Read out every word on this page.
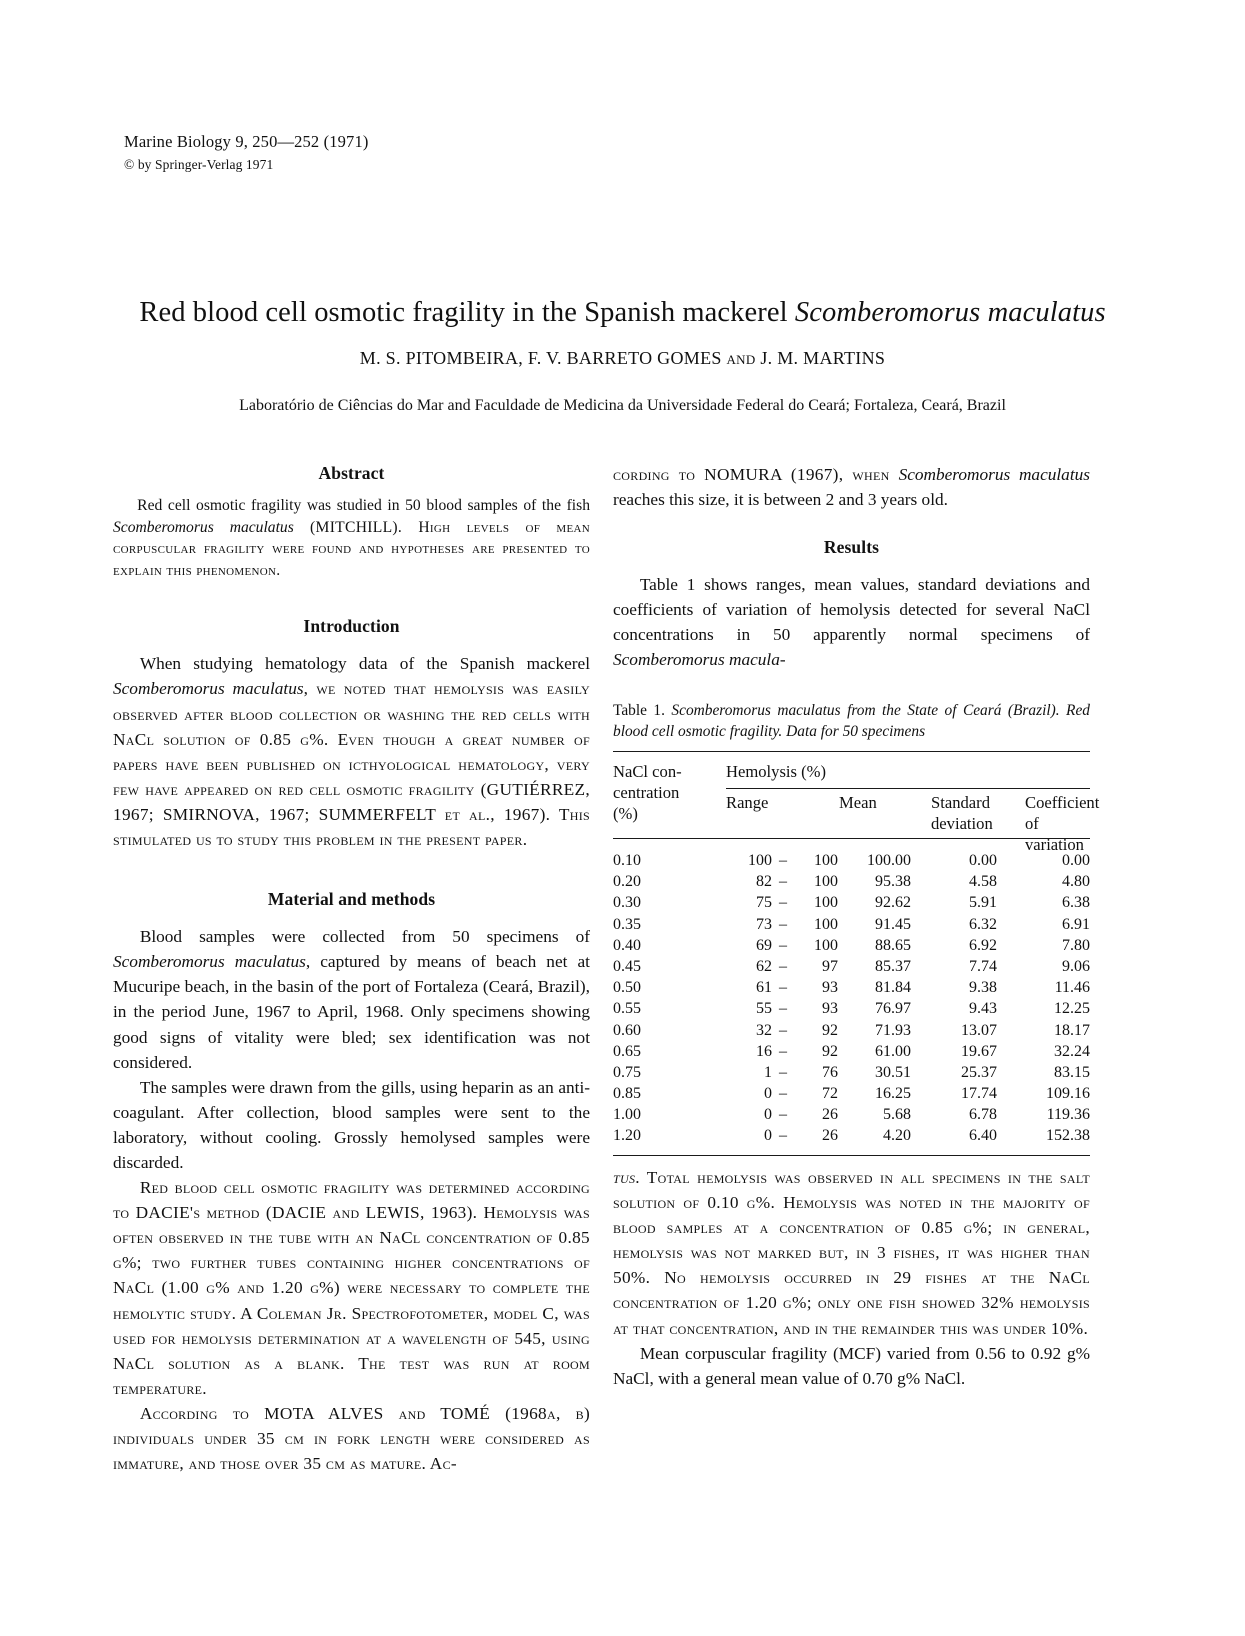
Marine Biology 9, 250—252 (1971)
© by Springer-Verlag 1971
Red blood cell osmotic fragility in the Spanish mackerel Scomberomorus maculatus
M. S. PITOMBEIRA, F. V. BARRETO GOMES and J. M. MARTINS
Laboratório de Ciências do Mar and Faculdade de Medicina da Universidade Federal do Ceará; Fortaleza, Ceará, Brazil
Abstract

Red cell osmotic fragility was studied in 50 blood samples of the fish Scomberomorus maculatus (MITCHILL). High levels of mean corpuscular fragility were found and hypotheses are presented to explain this phenomenon.

Introduction

When studying hematology data of the Spanish mackerel Scomberomorus maculatus, we noted that hemolysis was easily observed after blood collection or washing the red cells with NaCl solution of 0.85 g%. Even though a great number of papers have been published on icthyological hematology, very few have appeared on red cell osmotic fragility (GUTIÉRREZ, 1967; SMIRNOVA, 1967; SUMMERFELT et al., 1967). This stimulated us to study this problem in the present paper.

Material and methods

Blood samples were collected from 50 specimens of Scomberomorus maculatus, captured by means of beach net at Mucuripe beach, in the basin of the port of Fortaleza (Ceará, Brazil), in the period June, 1967 to April, 1968. Only specimens showing good signs of vitality were bled; sex identification was not considered.

The samples were drawn from the gills, using heparin as an anti-coagulant. After collection, blood samples were sent to the laboratory, without cooling. Grossly hemolysed samples were discarded.

Red blood cell osmotic fragility was determined according to DACIE's method (DACIE and LEWIS, 1963). Hemolysis was often observed in the tube with an NaCl concentration of 0.85 g%; two further tubes containing higher concentrations of NaCl (1.00 g% and 1.20 g%) were necessary to complete the hemolytic study. A Coleman Jr. Spectrofotometer, model C, was used for hemolysis determination at a wavelength of 545, using NaCl solution as a blank. The test was run at room temperature.

According to MOTA ALVES and TOMÉ (1968a, b) individuals under 35 cm in fork length were considered as immature, and those over 35 cm as mature. Ac-

cording to NOMURA (1967), when Scomberomorus maculatus reaches this size, it is between 2 and 3 years old.

Results

Table 1 shows ranges, mean values, standard deviations and coefficients of variation of hemolysis detected for several NaCl concentrations in 50 apparently normal specimens of Scomberomorus macula-

Table 1. Scomberomorus maculatus from the State of Ceará (Brazil). Red blood cell osmotic fragility. Data for 50 specimens
NaCl con-
centration
(%)
Hemolysis (%)
Range	Mean	Standard
deviation
Coefficient
of variation
0.10	100 –	100	100.00	0.00	0.00
0.20	82 –	100	95.38	4.58	4.80
0.30	75 –	100	92.62	5.91	6.38
0.35	73 –	100	91.45	6.32	6.91
0.40	69 –	100	88.65	6.92	7.80
0.45	62 –	97	85.37	7.74	9.06
0.50	61 –	93	81.84	9.38	11.46
0.55	55 –	93	76.97	9.43	12.25
0.60	32 –	92	71.93	13.07	18.17
0.65	16 –	92	61.00	19.67	32.24
0.75	1 –	76	30.51	25.37	83.15
0.85	0 –	72	16.25	17.74	109.16
1.00	0 –	26	5.68	6.78	119.36
1.20	0 –	26	4.20	6.40	152.38

tus. Total hemolysis was observed in all specimens in the salt solution of 0.10 g%. Hemolysis was noted in the majority of blood samples at a concentration of 0.85 g%; in general, hemolysis was not marked but, in 3 fishes, it was higher than 50%. No hemolysis occurred in 29 fishes at the NaCl concentration of 1.20 g%; only one fish showed 32% hemolysis at that concentration, and in the remainder this was under 10%.

Mean corpuscular fragility (MCF) varied from 0.56 to 0.92 g% NaCl, with a general mean value of 0.70 g% NaCl.
